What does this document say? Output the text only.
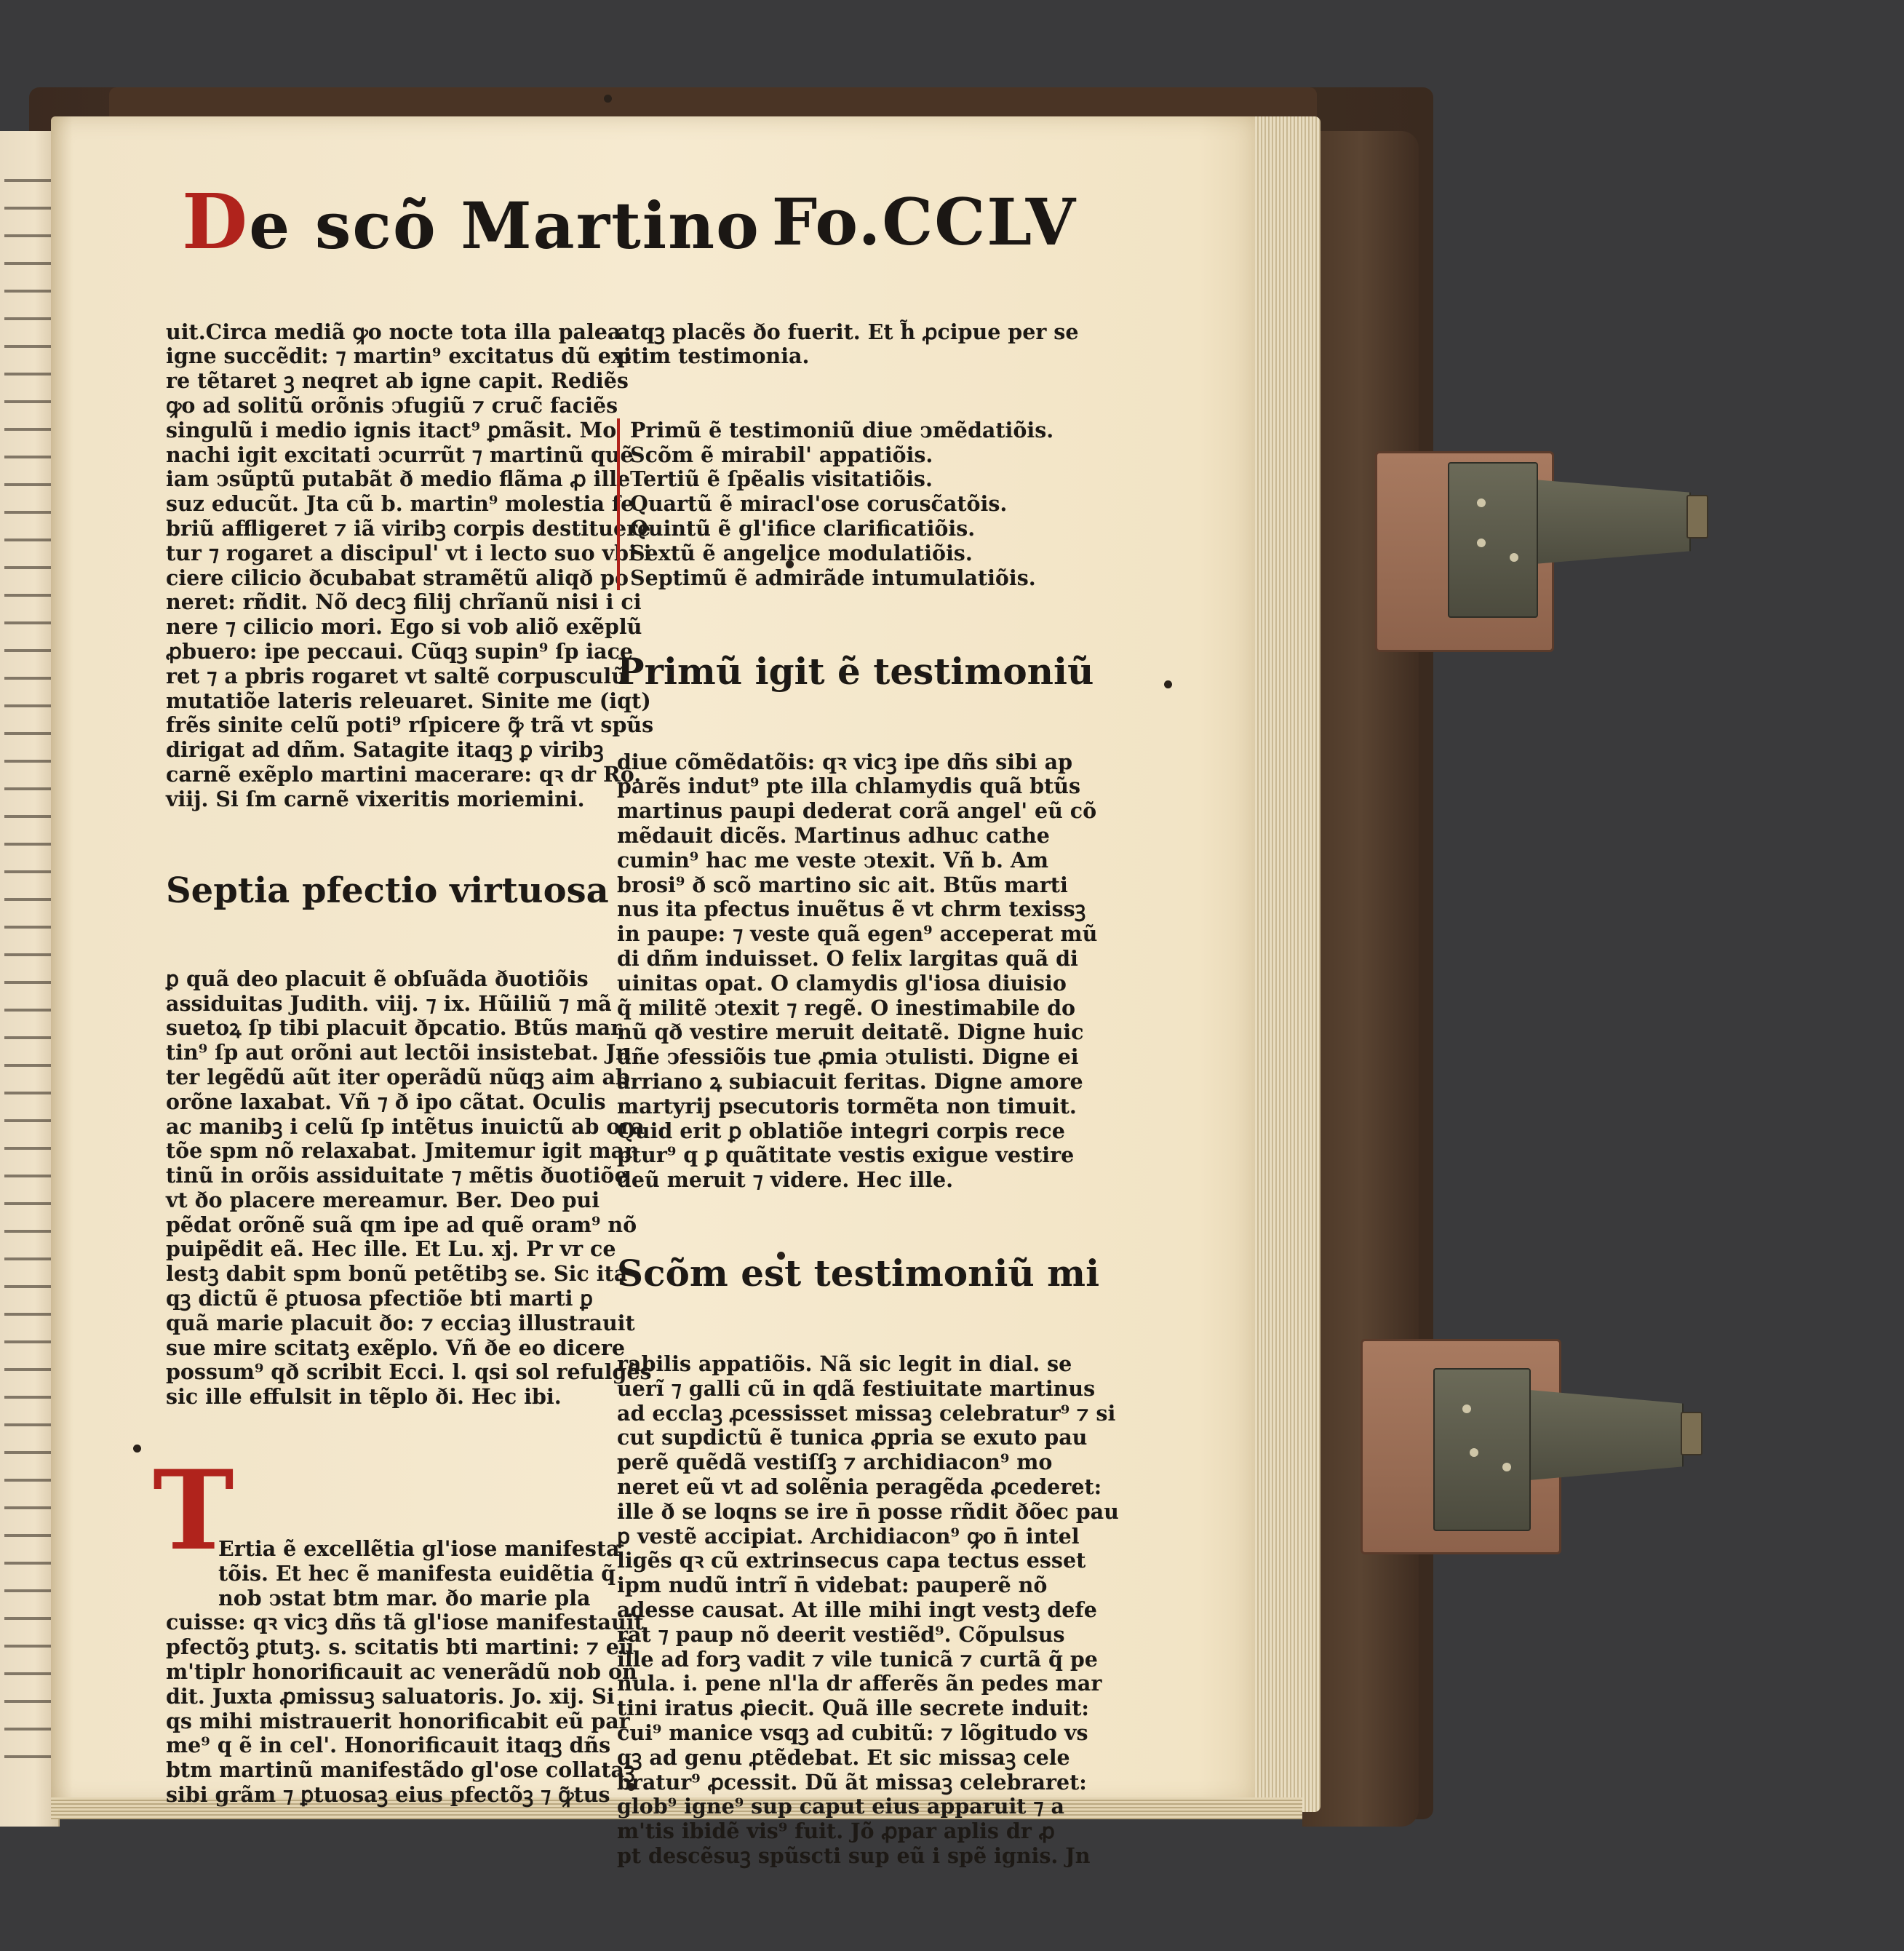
De scõ Martino Fo.CCLV

uit.Circa mediã ꝙo nocte tota illa palea
igne succẽdit: ⁊ martin⁹ excitatus dũ exi
re tẽtaret ꝫ neqret ab igne capit. Rediẽs
ꝙo ad solitũ orõnis ↄfugiũ ⁊ cruc̃ faciẽs
singulũ i medio ignis itact⁹ ꝑmãsit. Mo
nachi igit excitati ↄcurrũt ⁊ martinũ quẽ
iam ↄsũptũ putabãt ð medio flãma ꝓ ille
suz educũt. Jta cũ b. martin⁹ molestia fe
briũ affligeret ⁊ iã viribꝫ corpis destituere
tur ⁊ rogaret a discipul' vt i lecto suo vbi i
ciere cilicio ðcubabat stramẽtũ aliqð po
neret: rñdit. Nõ decꝫ filij chrĩanũ nisi i ci
nere ⁊ cilicio mori. Ego si vob aliõ exẽplũ
ꝓbuero: ipe peccaui. Cũqꝫ supin⁹ ſp iace
ret ⁊ a pbris rogaret vt saltẽ corpusculũ
mutatiõe lateris releuaret. Sinite me (iqt)
frẽs sinite celũ poti⁹ rſpicere ꝙ̃ trã vt spũs
dirigat ad dñm. Satagite itaqꝫ ꝑ viribꝫ
carnẽ exẽplo martini macerare: qꝛ dr Ro.
viij. Si ſm carnẽ vixeritis moriemini.

Septia pfectio virtuosa

ꝑ quã deo placuit ẽ obſuãda ðuotiõis
assiduitas Judith. viij. ⁊ ix. Hũiliũ ⁊ mã
suetoꝝ ſp tibi placuit ðpcatio. Btũs mar
tin⁹ ſp aut orõni aut lectõi insistebat. Jn
ter legẽdũ aũt iter operãdũ nũqꝫ aim ab
orõne laxabat. Vñ ⁊ ð ipo cãtat. Oculis
ac manibꝫ i celũ ſp intẽtus inuictũ ab ora
tõe spm nõ relaxabat. Jmitemur igit mar
tinũ in orõis assiduitate ⁊ mẽtis ðuotiõe
vt ðo placere mereamur. Ber. Deo pui
pẽdat orõnẽ suã qm ipe ad quẽ oram⁹ nõ
puipẽdit eã. Hec ille. Et Lu. xj. Pr vr ce
lestꝫ dabit spm bonũ petẽtibꝫ se. Sic ita
qꝫ dictũ ẽ ꝑtuosa pfectiõe bti marti ꝑ
quã marie placuit ðo: ⁊ ecciaꝫ illustrauit
sue mire scitatꝫ exẽplo. Vñ ðe eo dicere
possum⁹ qð scribit Ecci. l. qsi sol refulgẽs
sic ille effulsit in tẽplo ði. Hec ibi.

T

Ertia ẽ excellẽtia gl'iose manifesta
tõis. Et hec ẽ manifesta euidẽtia q̃
nob ↄstat btm mar. ðo marie pla
cuisse: qꝛ vicꝫ dñs tã gl'iose manifestauit
pfectõꝫ ꝑtutꝫ. s. scitatis bti martini: ⁊ eũ
m'tiplr honorificauit ac venerãdũ nob on
dit. Juxta ꝓmissuꝫ saluatoris. Jo. xij. Si
qs mihi mistrauerit honorificabit eũ par
me⁹ q ẽ in cel'. Honorificauit itaqꝫ dñs
btm martinũ manifestãdo gl'ose collataꝫ
sibi grãm ⁊ ꝑtuosaꝫ eius pfectõꝫ ⁊ ꝙ̃tus

atqꝫ placẽs ðo fuerit. Et h̃ ꝓcipue per se
ptim testimonia.

Primũ ẽ testimoniũ diue ↄmẽdatiõis.
Scõm ẽ mirabil' appatiõis.
Tertiũ ẽ ſpẽalis visitatiõis.
Quartũ ẽ miracl'ose corusc̃atõis.
Quintũ ẽ gl'ifice clarificatiõis.
Sextũ ẽ angelice modulatiõis.
Septimũ ẽ admirãde intumulatiõis.

Primũ igit ẽ testimoniũ

diue cõmẽdatõis: qꝛ vicꝫ ipe dñs sibi ap
parẽs indut⁹ pte illa chlamydis quã btũs
martinus paupi dederat corã angel' eũ cõ
mẽdauit dicẽs. Martinus adhuc cathe
cumin⁹ hac me veste ↄtexit. Vñ b. Am
brosi⁹ ð scõ martino sic ait. Btũs marti
nus ita pfectus inuẽtus ẽ vt chrm texissꝫ
in paupe: ⁊ veste quã egen⁹ acceperat mũ
di dñm induisset. O felix largitas quã di
uinitas opat. O clamydis gl'iosa diuisio
q̃ militẽ ↄtexit ⁊ regẽ. O inestimabile do
nũ qð vestire meruit deitatẽ. Digne huic
dñe ↄfessiõis tue ꝓmia ↄtulisti. Digne ei
arriano ꝝ subiacuit feritas. Digne amore
martyrij psecutoris tormẽta non timuit.
Quid erit ꝑ oblatiõe integri corpis rece
ptur⁹ q ꝑ quãtitate vestis exigue vestire
deũ meruit ⁊ videre. Hec ille.

Scõm est testimoniũ mi

rabilis appatiõis. Nã sic legit in dial. se
uerĩ ⁊ galli cũ in qdã festiuitate martinus
ad ecclaꝫ ꝓcessisset missaꝫ celebratur⁹ ⁊ si
cut supdictũ ẽ tunica ꝓpria se exuto pau
perẽ quẽdã vestiſſꝫ ⁊ archidiacon⁹ mo
neret eũ vt ad solẽnia peragẽda ꝓcederet:
ille ð se loqns se ire n̄ posse rñdit ðõec pau
ꝑ vestẽ accipiat. Archidiacon⁹ ꝙo n̄ intel
ligẽs qꝛ cũ extrinsecus capa tectus esset
ipm nudũ intrĩ n̄ videbat: pauperẽ nõ
adesse causat. At ille mihi ingt vestꝫ defe
rat ⁊ paup nõ deerit vestiẽd⁹. Cõpulsus
ille ad forꝫ vadit ⁊ vile tunicã ⁊ curtã q̃ pe
nula. i. pene nl'la dr afferẽs ãn pedes mar
tini iratus ꝓiecit. Quã ille secrete induit:
cui⁹ manice vsqꝫ ad cubitũ: ⁊ lõgitudo vs
qꝫ ad genu ꝓtẽdebat. Et sic missaꝫ cele
bratur⁹ ꝓcessit. Dũ ãt missaꝫ celebraret:
glob⁹ igne⁹ sup caput eius apparuit ⁊ a
m'tis ibidẽ vis⁹ fuit. Jõ ꝓpar aplis dr ꝓ
pt descẽsuꝫ spũscti sup eũ i spẽ ignis. Jn
